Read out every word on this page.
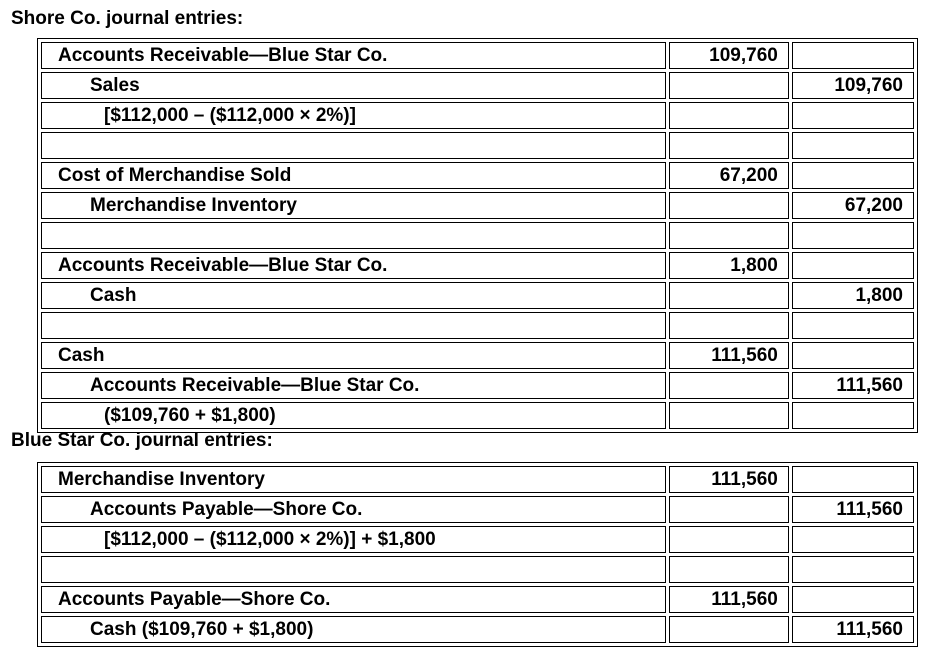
Shore Co. journal entries:
Accounts Receivable—Blue Star Co.	109,760	
Sales		109,760
[$112,000 – ($112,000 × 2%)]		

Cost of Merchandise Sold	67,200	
Merchandise Inventory		67,200

Accounts Receivable—Blue Star Co.	1,800	
Cash		1,800

Cash	111,560	
Accounts Receivable—Blue Star Co.		111,560
($109,760 + $1,800)		
Blue Star Co. journal entries:
Merchandise Inventory	111,560	
Accounts Payable—Shore Co.		111,560
[$112,000 – ($112,000 × 2%)] + $1,800		

Accounts Payable—Shore Co.	111,560	
Cash ($109,760 + $1,800)		111,560
